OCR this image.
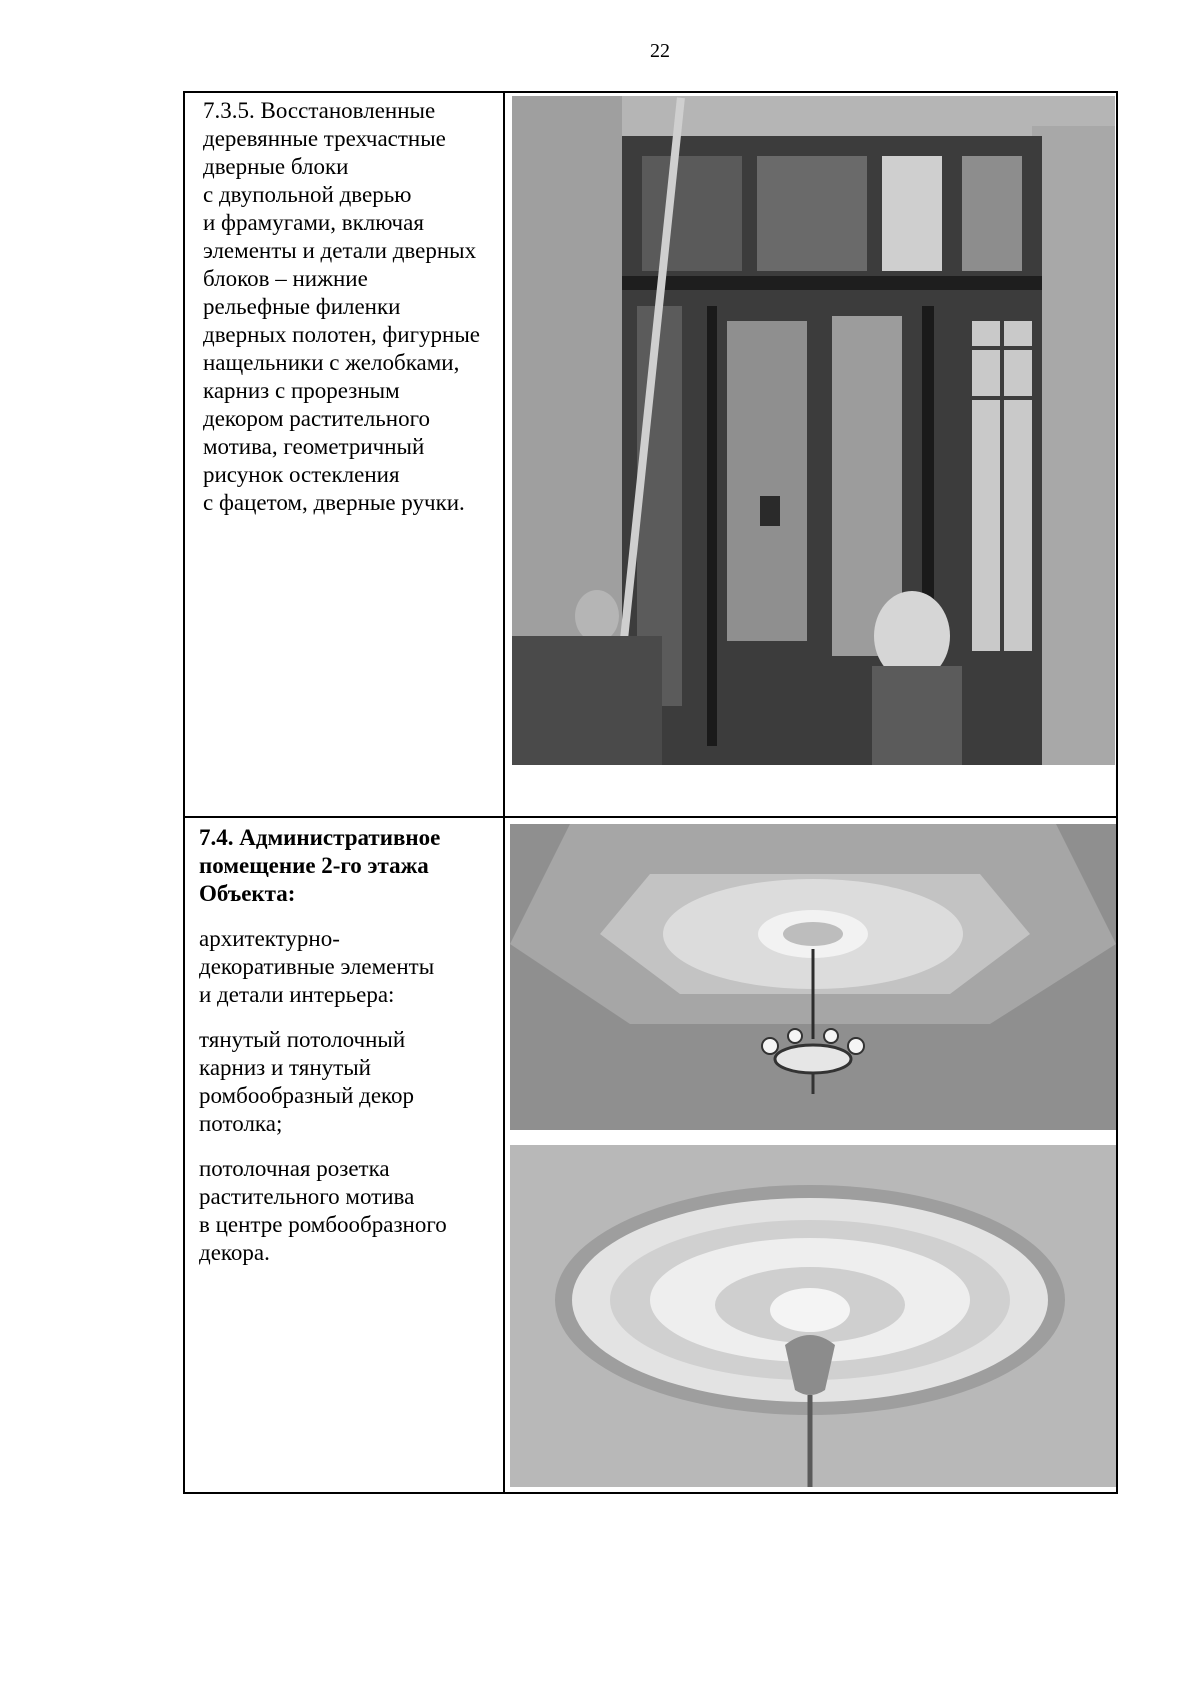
22

7.3.5. Восстановленные

деревянные трехчастные

дверные блоки

с двупольной дверью

и фрамугами, включая

элементы и детали дверных

блоков – нижние

рельефные филенки

дверных полотен, фигурные

нащельники с желобками,

карниз с прорезным

декором растительного

мотива, геометричный

рисунок остекления

с фацетом, дверные ручки.

7.4. Административное

помещение 2-го этажа

Объекта:

архитектурно-

декоративные элементы

и детали интерьера:

тянутый потолочный

карниз и тянутый

ромбообразный декор

потолка;

потолочная розетка

растительного мотива

в центре ромбообразного

декора.
